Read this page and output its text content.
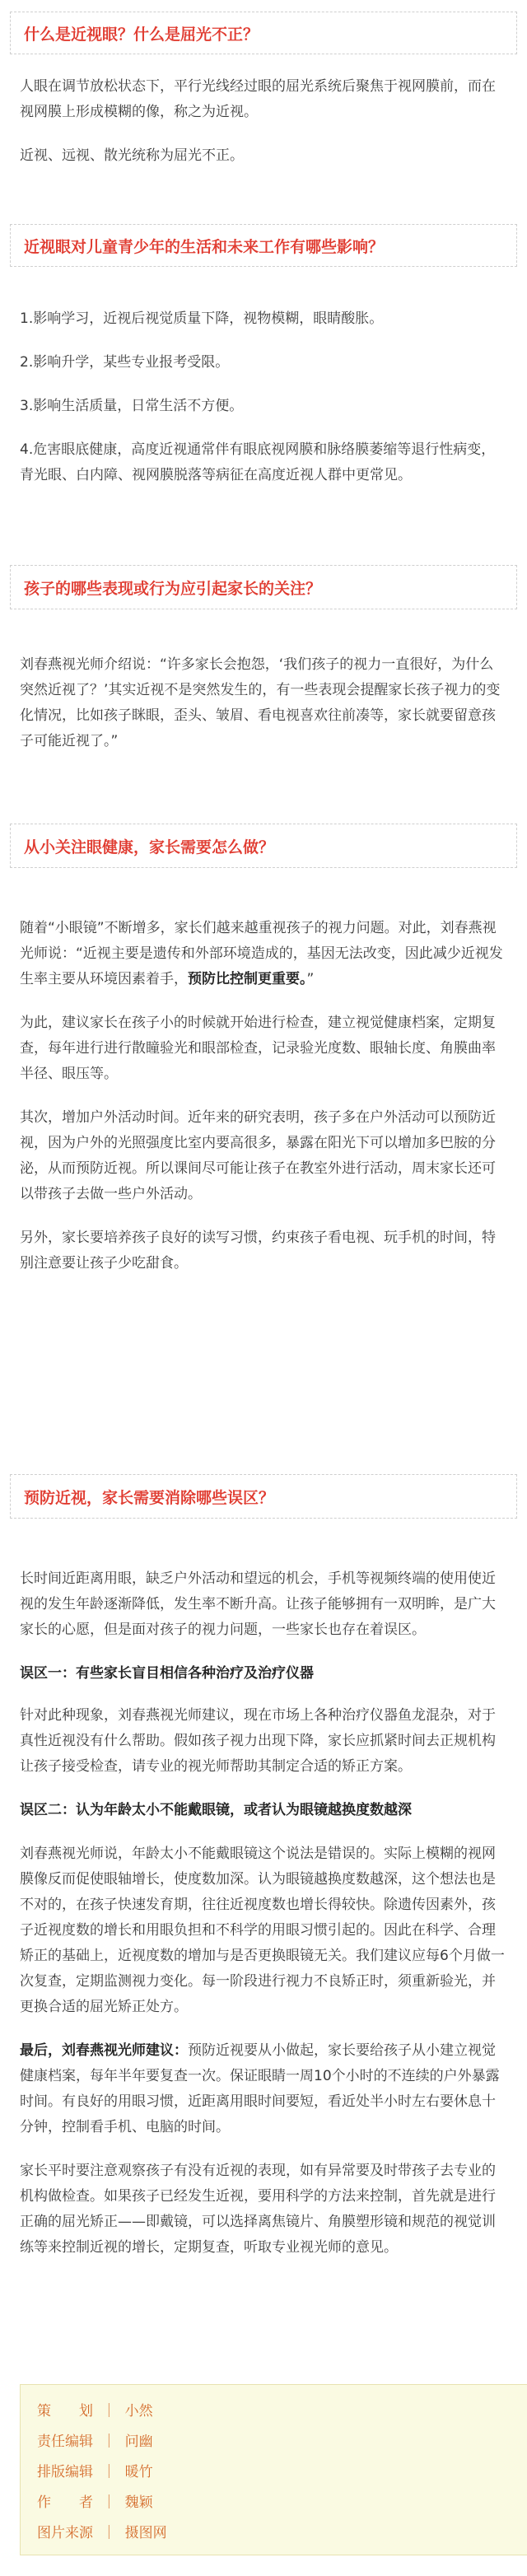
什么是近视眼？什么是屈光不正？

人眼在调节放松状态下，平行光线经过眼的屈光系统后聚焦于视网膜前，而在视网膜上形成模糊的像，称之为近视。

近视、远视、散光统称为屈光不正。

近视眼对儿童青少年的生活和未来工作有哪些影响？

1.影响学习，近视后视觉质量下降，视物模糊，眼睛酸胀。

2.影响升学，某些专业报考受限。

3.影响生活质量，日常生活不方便。

4.危害眼底健康，高度近视通常伴有眼底视网膜和脉络膜萎缩等退行性病变，青光眼、白内障、视网膜脱落等病征在高度近视人群中更常见。

孩子的哪些表现或行为应引起家长的关注？

刘春燕视光师介绍说：“许多家长会抱怨，‘我们孩子的视力一直很好，为什么突然近视了？’其实近视不是突然发生的，有一些表现会提醒家长孩子视力的变化情况，比如孩子眯眼，歪头、皱眉、看电视喜欢往前凑等，家长就要留意孩子可能近视了。”

从小关注眼健康，家长需要怎么做？

随着“小眼镜”不断增多，家长们越来越重视孩子的视力问题。对此，刘春燕视光师说：“近视主要是遗传和外部环境造成的，基因无法改变，因此减少近视发生率主要从环境因素着手，预防比控制更重要。”

为此，建议家长在孩子小的时候就开始进行检查，建立视觉健康档案，定期复查，每年进行进行散瞳验光和眼部检查，记录验光度数、眼轴长度、角膜曲率半径、眼压等。

其次，增加户外活动时间。近年来的研究表明，孩子多在户外活动可以预防近视，因为户外的光照强度比室内要高很多，暴露在阳光下可以增加多巴胺的分泌，从而预防近视。所以课间尽可能让孩子在教室外进行活动，周末家长还可以带孩子去做一些户外活动。

另外，家长要培养孩子良好的读写习惯，约束孩子看电视、玩手机的时间，特别注意要让孩子少吃甜食。

预防近视，家长需要消除哪些误区？

长时间近距离用眼，缺乏户外活动和望远的机会，手机等视频终端的使用使近视的发生年龄逐渐降低，发生率不断升高。让孩子能够拥有一双明眸，是广大家长的心愿，但是面对孩子的视力问题，一些家长也存在着误区。

误区一：有些家长盲目相信各种治疗及治疗仪器

针对此种现象，刘春燕视光师建议，现在市场上各种治疗仪器鱼龙混杂，对于真性近视没有什么帮助。假如孩子视力出现下降，家长应抓紧时间去正规机构让孩子接受检查，请专业的视光师帮助其制定合适的矫正方案。

误区二：认为年龄太小不能戴眼镜，或者认为眼镜越换度数越深

刘春燕视光师说，年龄太小不能戴眼镜这个说法是错误的。实际上模糊的视网膜像反而促使眼轴增长，使度数加深。认为眼镜越换度数越深，这个想法也是不对的，在孩子快速发育期，往往近视度数也增长得较快。除遗传因素外，孩子近视度数的增长和用眼负担和不科学的用眼习惯引起的。因此在科学、合理矫正的基础上，近视度数的增加与是否更换眼镜无关。我们建议应每6个月做一次复查，定期监测视力变化。每一阶段进行视力不良矫正时，须重新验光，并更换合适的屈光矫正处方。

最后，刘春燕视光师建议：预防近视要从小做起，家长要给孩子从小建立视觉健康档案，每年半年要复查一次。保证眼睛一周10个小时的不连续的户外暴露时间。有良好的用眼习惯，近距离用眼时间要短，看近处半小时左右要休息十分钟，控制看手机、电脑的时间。

家长平时要注意观察孩子有没有近视的表现，如有异常要及时带孩子去专业的机构做检查。如果孩子已经发生近视，要用科学的方法来控制，首先就是进行正确的屈光矫正——即戴镜，可以选择离焦镜片、角膜塑形镜和规范的视觉训练等来控制近视的增长，定期复查，听取专业视光师的意见。

策　　划  ｜  小然
责任编辑  ｜  问幽
排版编辑  ｜  暖竹
作　　者  ｜  魏颖
图片来源  ｜  摄图网
